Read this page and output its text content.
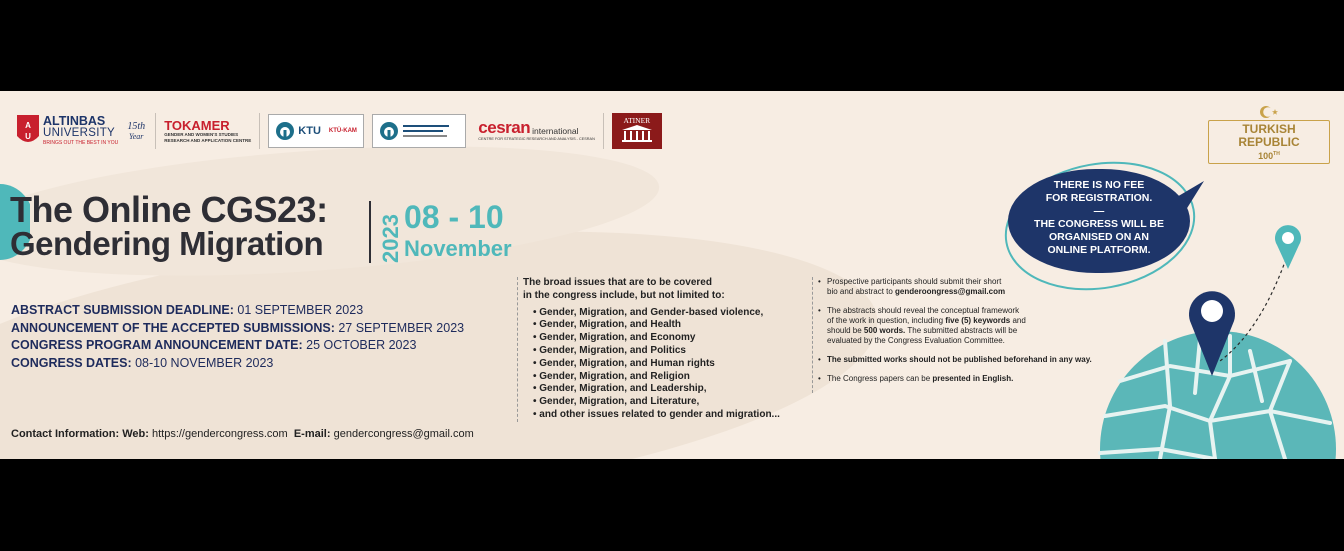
A
U
ALTINBAS
UNIVERSITY
BRINGS OUT THE BEST IN YOU
15th
Year
TOKAMER
GENDER AND WOMEN'S STUDIES
RESEARCH AND APPLICATION CENTRE
KTU KTÜ-KAM	cesran international
CENTRE FOR STRATEGIC RESEARCH AND ANALYSIS - CESRAN
ATINER
TURKISH REPUBLIC
100TH
The Online CGS23:
Gendering Migration 2023 08 - 10
November
ABSTRACT SUBMISSION DEADLINE: 01 SEPTEMBER 2023
ANNOUNCEMENT OF THE ACCEPTED SUBMISSIONS: 27 SEPTEMBER 2023
CONGRESS PROGRAM ANNOUNCEMENT DATE: 25 OCTOBER 2023
CONGRESS DATES: 08-10 NOVEMBER 2023
Contact Information: Web: https://gendercongress.com E-mail: gendercongress@gmail.com
The broad issues that are to be covered
in the congress include, but not limited to:
• Gender, Migration, and Gender-based violence,
• Gender, Migration, and Health
• Gender, Migration, and Economy
• Gender, Migration, and Politics
• Gender, Migration, and Human rights
• Gender, Migration, and Religion
• Gender, Migration, and Leadership,
• Gender, Migration, and Literature,
• and other issues related to gender and migration...
• Prospective participants should submit their short
bio and abstract to genderoongress@gmail.com
• The abstracts should reveal the conceptual framework
of the work in question, including five (5) keywords and
should be 500 words. The submitted abstracts will be
evaluated by the Congress Evaluation Committee.
• The submitted works should not be published beforehand in any way.
• The Congress papers can be presented in English.
THERE IS NO FEE
FOR REGISTRATION.
—
THE CONGRESS WILL BE
ORGANISED ON AN
ONLINE PLATFORM.
